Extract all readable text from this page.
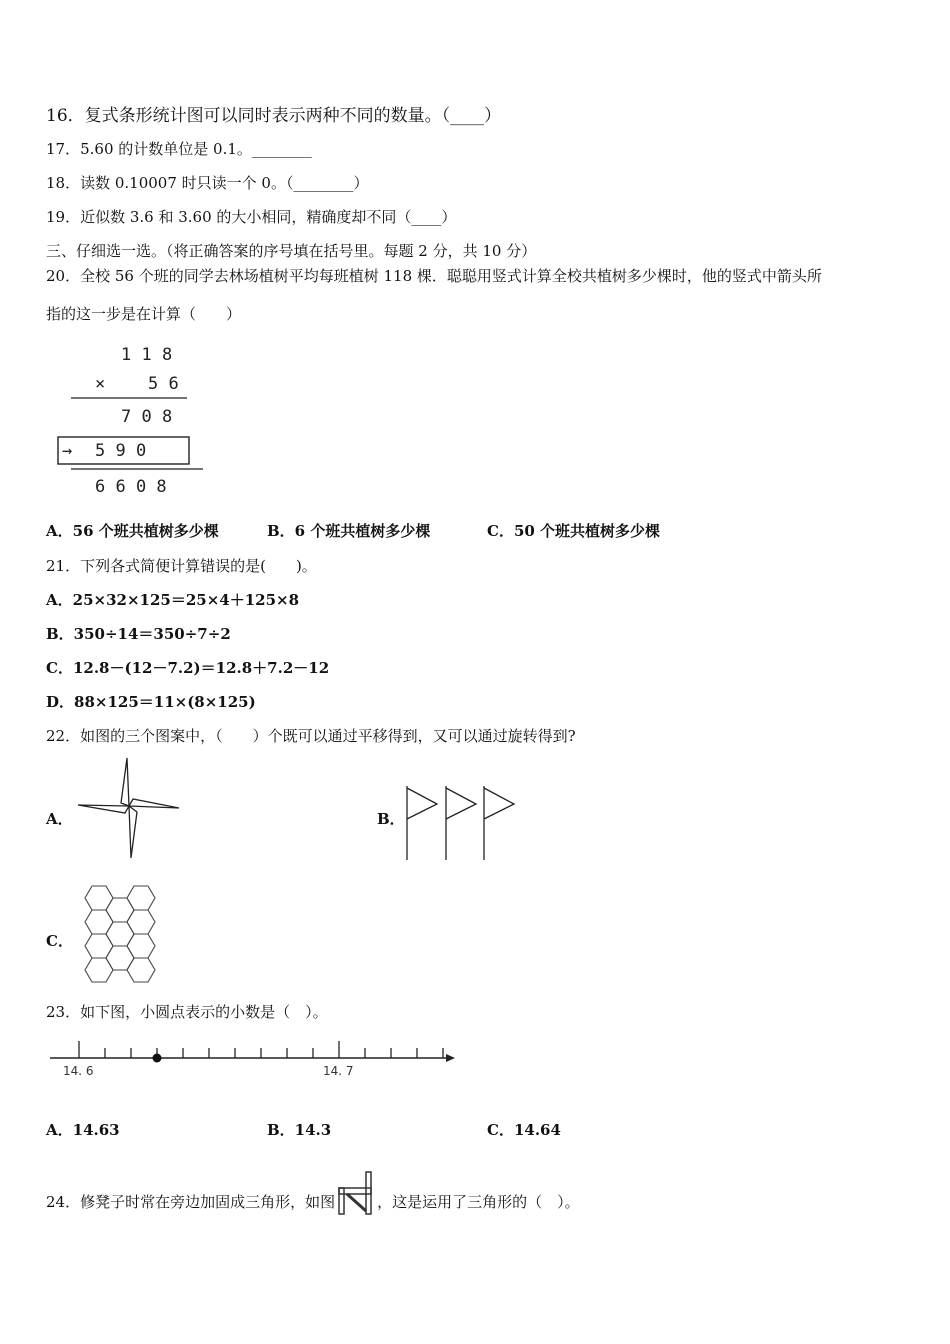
16．复式条形统计图可以同时表示两种不同的数量。（____）
17．5.60 的计数单位是 0.1。________
18．读数 0.10007 时只读一个 0。（________）
19．近似数 3.6 和 3.60 的大小相同，精确度却不同（____）
三、仔细选一选。（将正确答案的序号填在括号里。每题 2 分，共 10 分）
20．全校 56 个班的同学去林场植树平均每班植树 118 棵．聪聪用竖式计算全校共植树多少棵时，他的竖式中箭头所
指的这一步是在计算（　　）
1 1 8
×	5 6
7 0 8
→ 5 9 0
6 6 0 8
A．56 个班共植树多少棵	B．6 个班共植树多少棵	C．50 个班共植树多少棵
21．下列各式简便计算错误的是(　　)。
A．25×32×125＝25×4＋125×8
B．350÷14＝350÷7÷2
C．12.8－(12－7.2)＝12.8＋7.2－12
D．88×125＝11×(8×125)
22．如图的三个图案中，（　　）个既可以通过平移得到，又可以通过旋转得到?
A．	B．
C．
23．如下图，小圆点表示的小数是（　）。
14. 6	14. 7
A．14.63	B．14.3	C．14.64
24．修凳子时常在旁边加固成三角形，如图	，这是运用了三角形的（　）。
